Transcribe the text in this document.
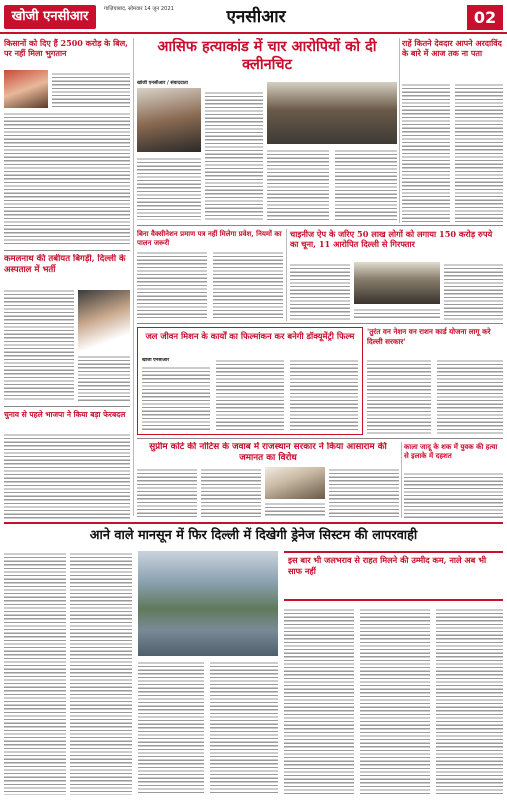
खोजी एनसीआर	गाज़ियाबाद, सोमवार 14 जून 2021	एनसीआर	02
किसानों को दिए हैं 2500 करोड़ के बिल, पर नहीं मिला भुगतान
कमलनाथ की तबीयत बिगड़ी, दिल्ली के अस्पताल में भर्ती
चुनाव से पहले भाजपा ने किया बड़ा फेरबदल
आसिफ हत्याकांड में चार आरोपियों को दी क्लीनचिट
खोजी एनसीआर / संवाददाता
राहें कितने देवदार आपने अरदाविंद के बारे में आज तक ना पता
बिना वैक्सीनेशन प्रमाण पत्र नहीं मिलेगा प्रवेश, नियमों का पालन जरूरी
चाइनीज ऐप के जरिए 50 लाख लोगों को लगाया 150 करोड़ रुपये का चूना, 11 आरोपित दिल्ली से गिरफ्तार
जल जीवन मिशन के कार्यों का फिल्मांकन कर बनेगी डॉक्यूमेंट्री फिल्म
खोजी एनसीआर
'तुरंत वन नेशन वन राशन कार्ड योजना लागू करे दिल्ली सरकार'
सुप्रीम कोर्ट की नोटिस के जवाब में राजस्थान सरकार ने किया आसाराम की जमानत का विरोध
काला जादू के शक में युवक की हत्या से इलाके में दहशत
आने वाले मानसून में फिर दिल्ली में दिखेगी ड्रेनेज सिस्टम की लापरवाही
इस बार भी जलभराव से राहत मिलने की उम्मीद कम, नाले अब भी साफ नहीं
